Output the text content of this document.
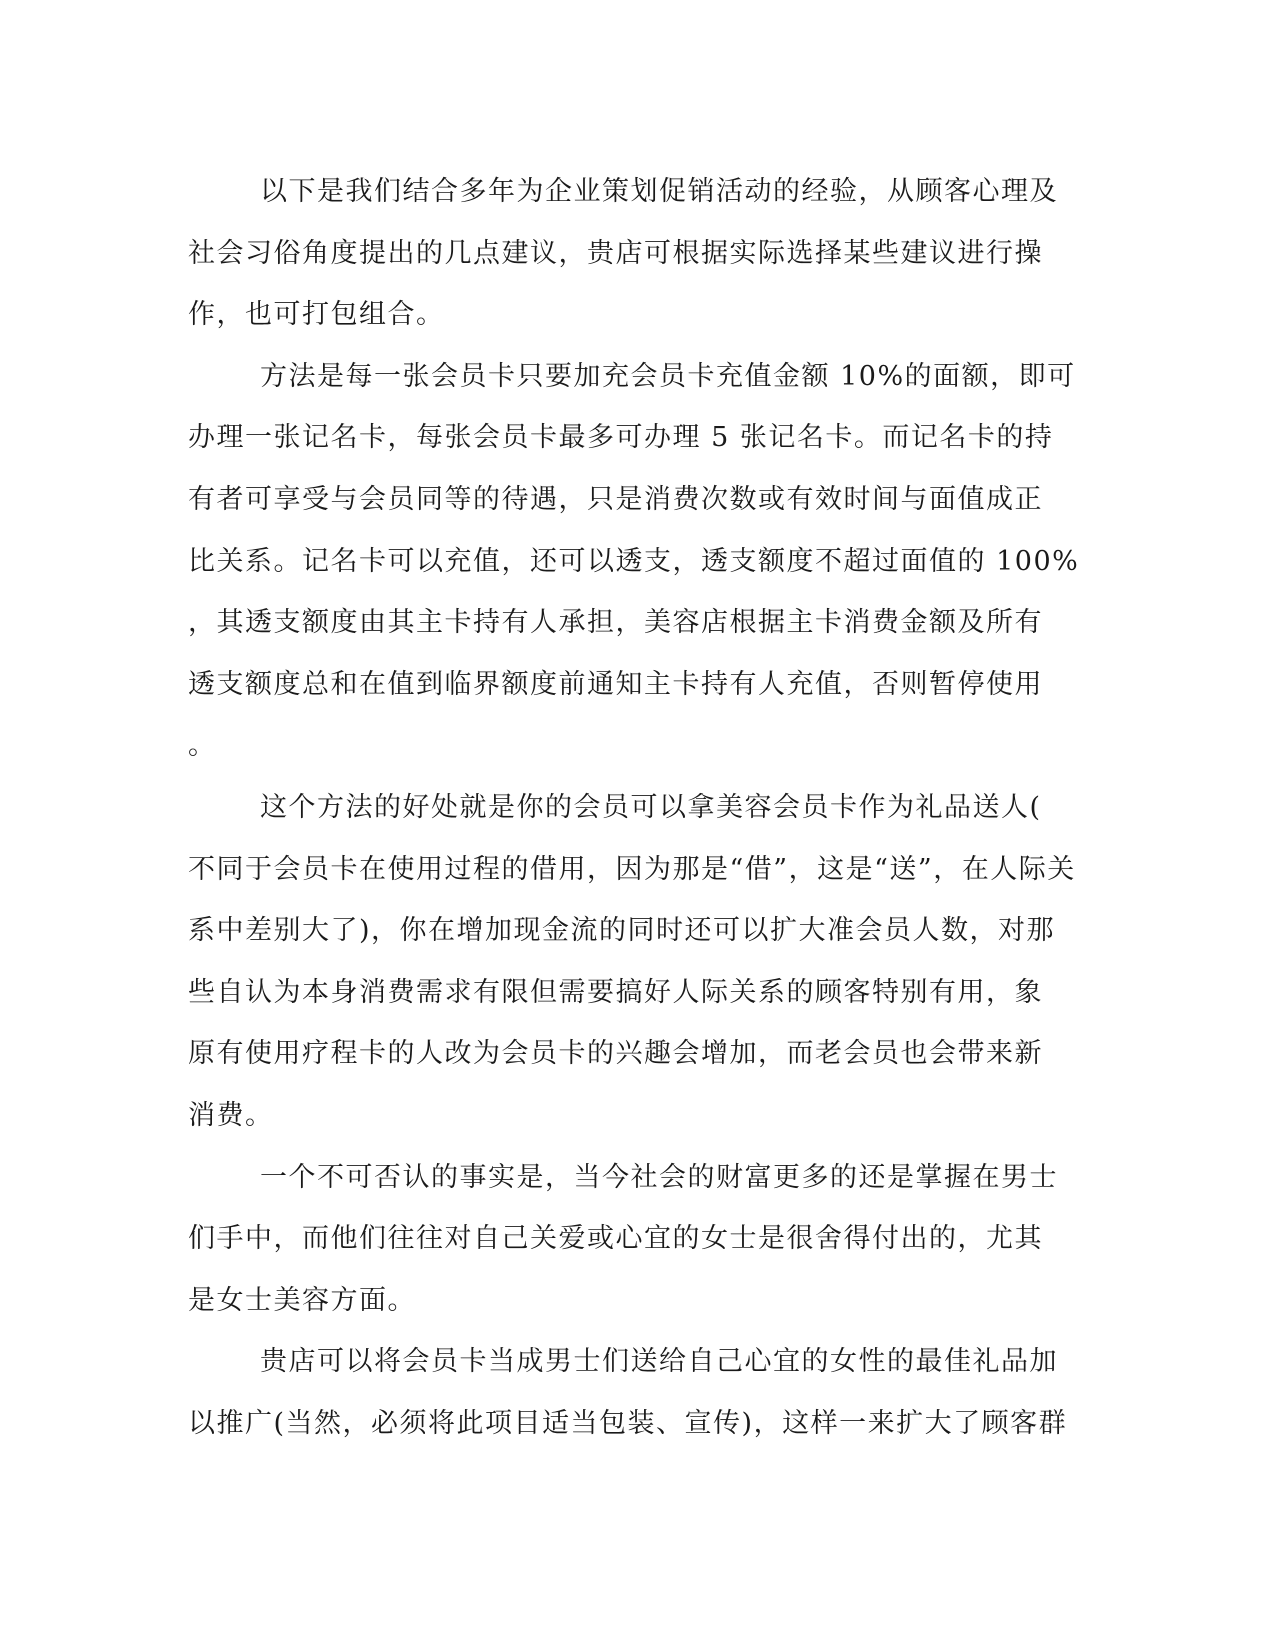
以下是我们结合多年为企业策划促销活动的经验，从顾客心理及
社会习俗角度提出的几点建议，贵店可根据实际选择某些建议进行操
作，也可打包组合。
方法是每一张会员卡只要加充会员卡充值金额 10%的面额，即可
办理一张记名卡，每张会员卡最多可办理 5 张记名卡。而记名卡的持
有者可享受与会员同等的待遇，只是消费次数或有效时间与面值成正
比关系。记名卡可以充值，还可以透支，透支额度不超过面值的 100%
，其透支额度由其主卡持有人承担，美容店根据主卡消费金额及所有
透支额度总和在值到临界额度前通知主卡持有人充值，否则暂停使用
。
这个方法的好处就是你的会员可以拿美容会员卡作为礼品送人(
不同于会员卡在使用过程的借用，因为那是“借”，这是“送”，在人际关
系中差别大了)，你在增加现金流的同时还可以扩大准会员人数，对那
些自认为本身消费需求有限但需要搞好人际关系的顾客特别有用，象
原有使用疗程卡的人改为会员卡的兴趣会增加，而老会员也会带来新
消费。
一个不可否认的事实是，当今社会的财富更多的还是掌握在男士
们手中，而他们往往对自己关爱或心宜的女士是很舍得付出的，尤其
是女士美容方面。
贵店可以将会员卡当成男士们送给自己心宜的女性的最佳礼品加
以推广(当然，必须将此项目适当包装、宣传)，这样一来扩大了顾客群
